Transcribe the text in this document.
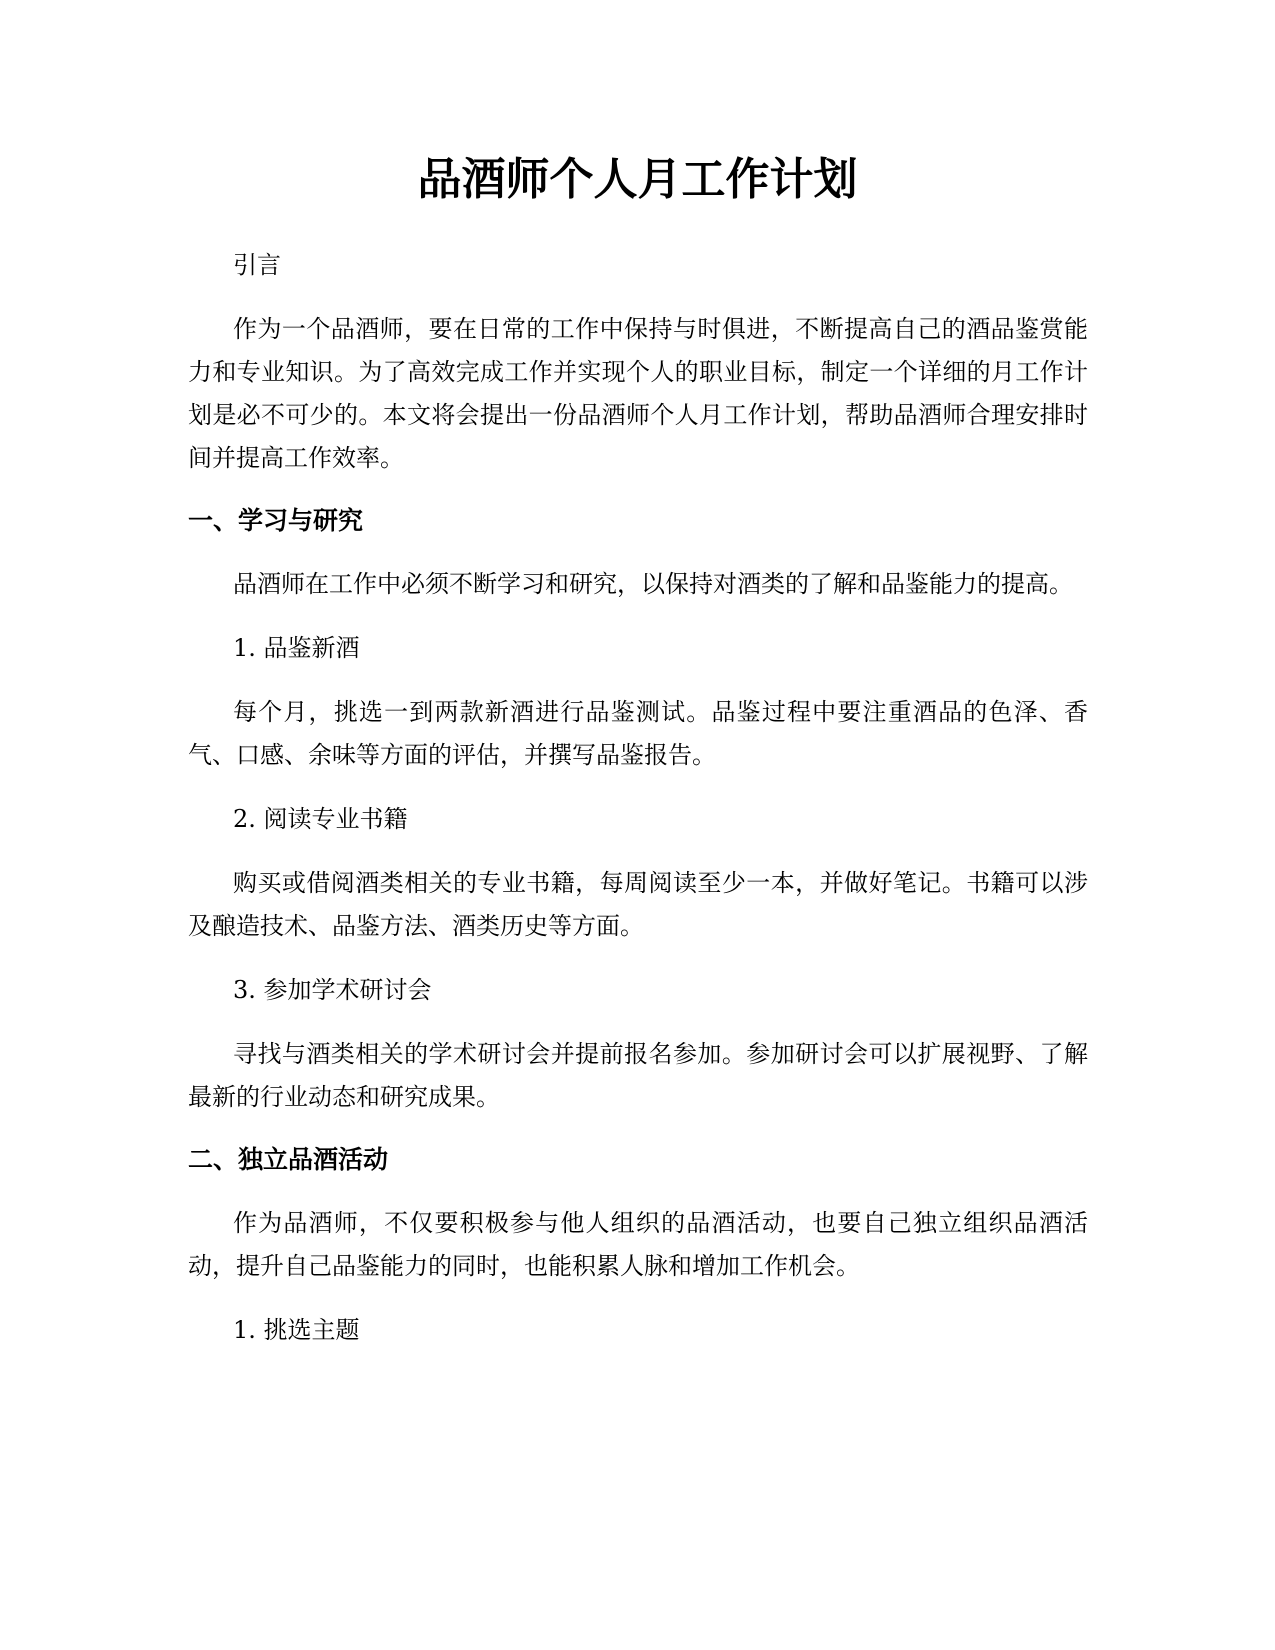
品酒师个人月工作计划

引言

作为一个品酒师，要在日常的工作中保持与时俱进，不断提高自己的酒品鉴赏能力和专业知识。为了高效完成工作并实现个人的职业目标，制定一个详细的月工作计划是必不可少的。本文将会提出一份品酒师个人月工作计划，帮助品酒师合理安排时间并提高工作效率。

一、学习与研究

品酒师在工作中必须不断学习和研究，以保持对酒类的了解和品鉴能力的提高。

1. 品鉴新酒

每个月，挑选一到两款新酒进行品鉴测试。品鉴过程中要注重酒品的色泽、香气、口感、余味等方面的评估，并撰写品鉴报告。

2. 阅读专业书籍

购买或借阅酒类相关的专业书籍，每周阅读至少一本，并做好笔记。书籍可以涉及酿造技术、品鉴方法、酒类历史等方面。

3. 参加学术研讨会

寻找与酒类相关的学术研讨会并提前报名参加。参加研讨会可以扩展视野、了解最新的行业动态和研究成果。

二、独立品酒活动

作为品酒师，不仅要积极参与他人组织的品酒活动，也要自己独立组织品酒活动，提升自己品鉴能力的同时，也能积累人脉和增加工作机会。

1. 挑选主题
